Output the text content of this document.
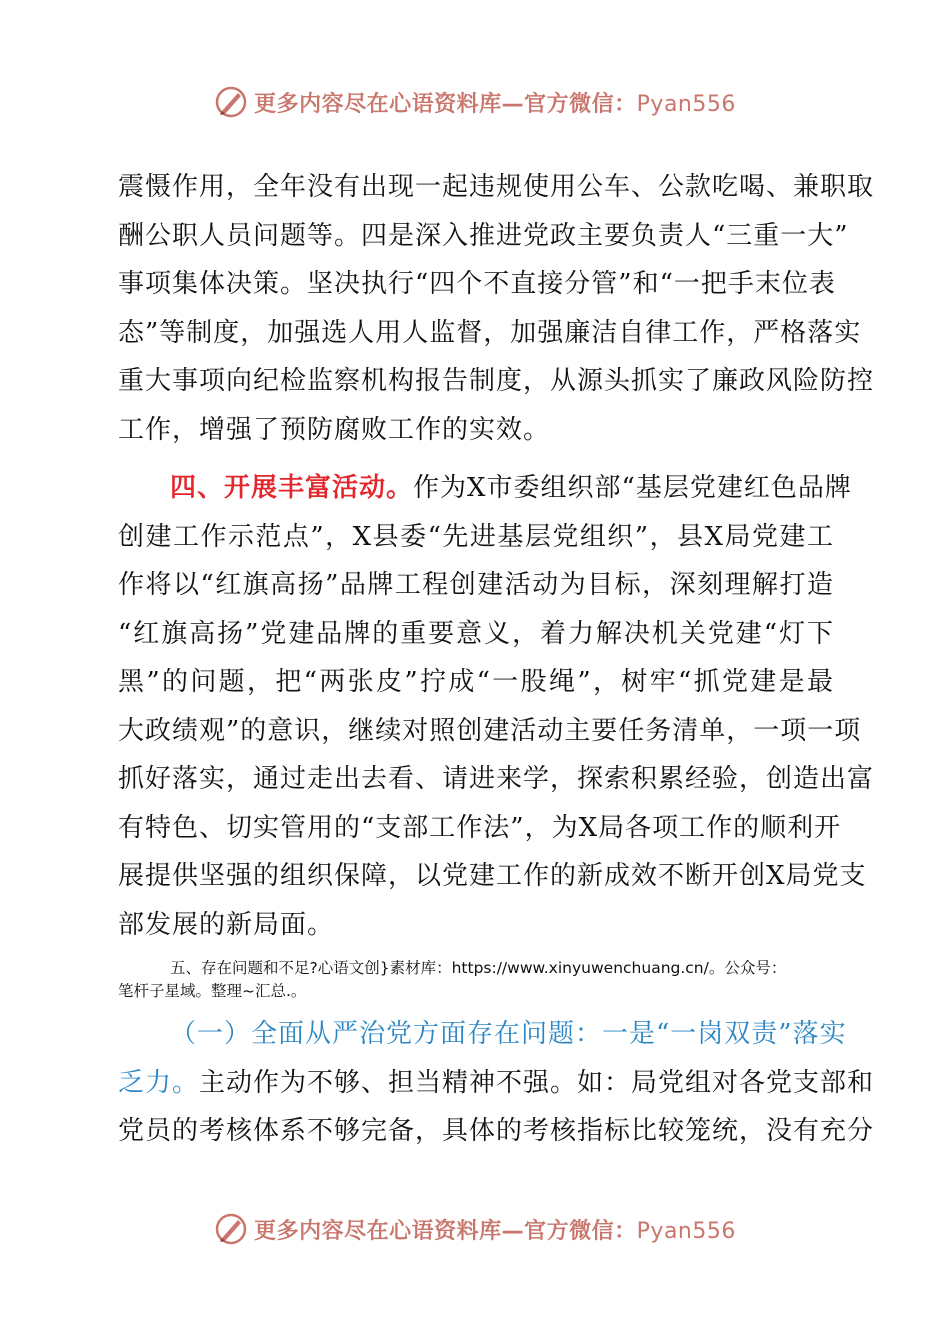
更多内容尽在心语资料库—官方微信：Pyan556
震慑作用，全年没有出现一起违规使用公车、公款吃喝、兼职取
酬公职人员问题等。四是深入推进党政主要负责人“三重一大”
事项集体决策。坚决执行“四个不直接分管”和“一把手末位表
态”等制度，加强选人用人监督，加强廉洁自律工作，严格落实
重大事项向纪检监察机构报告制度，从源头抓实了廉政风险防控
工作，增强了预防腐败工作的实效。
四、开展丰富活动。作为X市委组织部“基层党建红色品牌
创建工作示范点”，X县委“先进基层党组织”，县X局党建工
作将以“红旗高扬”品牌工程创建活动为目标，深刻理解打造
“红旗高扬”党建品牌的重要意义，着力解决机关党建“灯下
黑”的问题，把“两张皮”拧成“一股绳”，树牢“抓党建是最
大政绩观”的意识，继续对照创建活动主要任务清单，一项一项
抓好落实，通过走出去看、请进来学，探索积累经验，创造出富
有特色、切实管用的“支部工作法”，为X局各项工作的顺利开
展提供坚强的组织保障，以党建工作的新成效不断开创X局党支
部发展的新局面。
五、存在问题和不足?心语文创}素材库：https://www.xinyuwenchuang.cn/。公众号：
笔杆子星域。整理~汇总.。
（一）全面从严治党方面存在问题：一是“一岗双责”落实
乏力。主动作为不够、担当精神不强。如：局党组对各党支部和
党员的考核体系不够完备，具体的考核指标比较笼统，没有充分
更多内容尽在心语资料库—官方微信：Pyan556
